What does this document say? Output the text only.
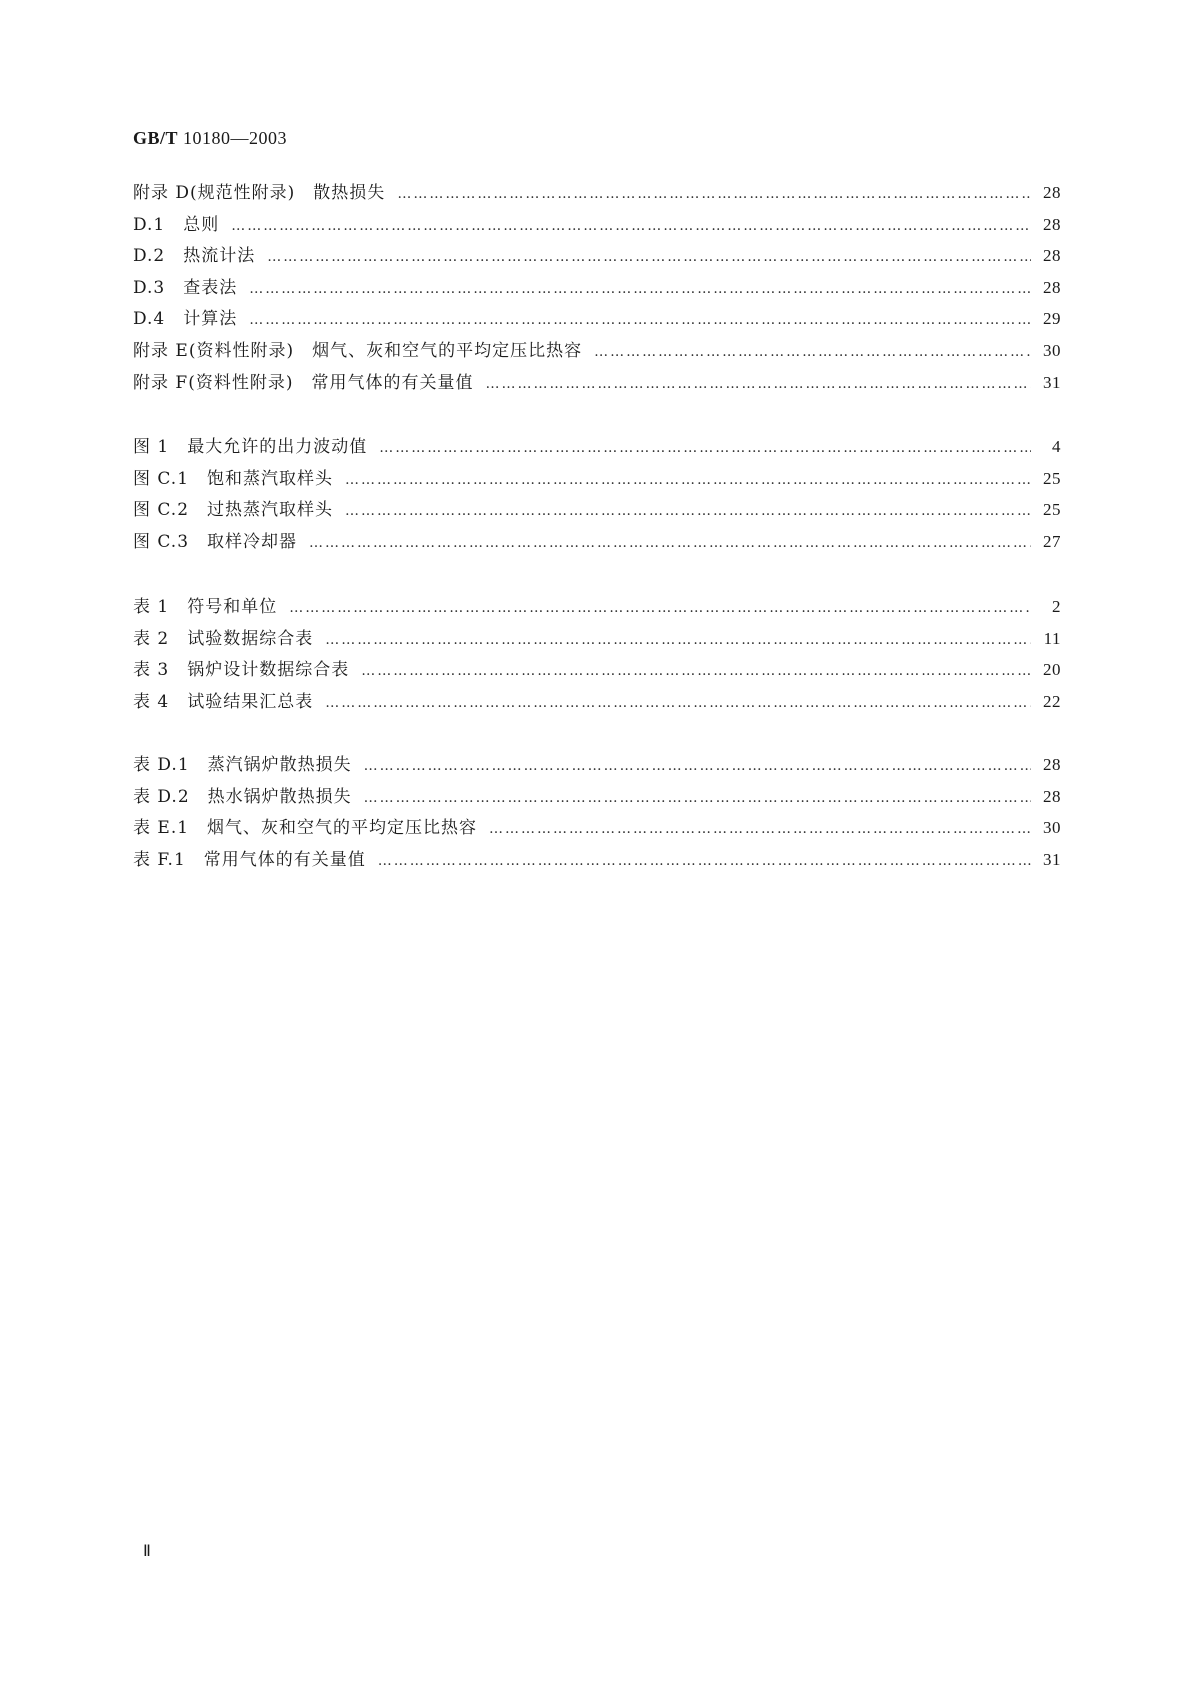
GB/T 10180—2003
附录 D(规范性附录)　散热损失 ……………………………………………………………………………………………………………………………………………………………………………………………………………	28
D.1　总则 ……………………………………………………………………………………………………………………………………………………………………………………………………………	28
D.2　热流计法 ……………………………………………………………………………………………………………………………………………………………………………………………………………	28
D.3　查表法 ……………………………………………………………………………………………………………………………………………………………………………………………………………	28
D.4　计算法 ……………………………………………………………………………………………………………………………………………………………………………………………………………	29
附录 E(资料性附录)　烟气、灰和空气的平均定压比热容 ……………………………………………………………………………………………………………………………………………………………………………………………………………	30
附录 F(资料性附录)　常用气体的有关量值 ……………………………………………………………………………………………………………………………………………………………………………………………………………	31
图 1　最大允许的出力波动值 ……………………………………………………………………………………………………………………………………………………………………………………………………………	4
图 C.1　饱和蒸汽取样头 ……………………………………………………………………………………………………………………………………………………………………………………………………………	25
图 C.2　过热蒸汽取样头 ……………………………………………………………………………………………………………………………………………………………………………………………………………	25
图 C.3　取样冷却器 ……………………………………………………………………………………………………………………………………………………………………………………………………………	27
表 1　符号和单位 ……………………………………………………………………………………………………………………………………………………………………………………………………………	2
表 2　试验数据综合表 ……………………………………………………………………………………………………………………………………………………………………………………………………………	11
表 3　锅炉设计数据综合表 ……………………………………………………………………………………………………………………………………………………………………………………………………………	20
表 4　试验结果汇总表 ……………………………………………………………………………………………………………………………………………………………………………………………………………	22
表 D.1　蒸汽锅炉散热损失 ……………………………………………………………………………………………………………………………………………………………………………………………………………	28
表 D.2　热水锅炉散热损失 ……………………………………………………………………………………………………………………………………………………………………………………………………………	28
表 E.1　烟气、灰和空气的平均定压比热容 ……………………………………………………………………………………………………………………………………………………………………………………………………………	30
表 F.1　常用气体的有关量值 ……………………………………………………………………………………………………………………………………………………………………………………………………………	31
Ⅱ
